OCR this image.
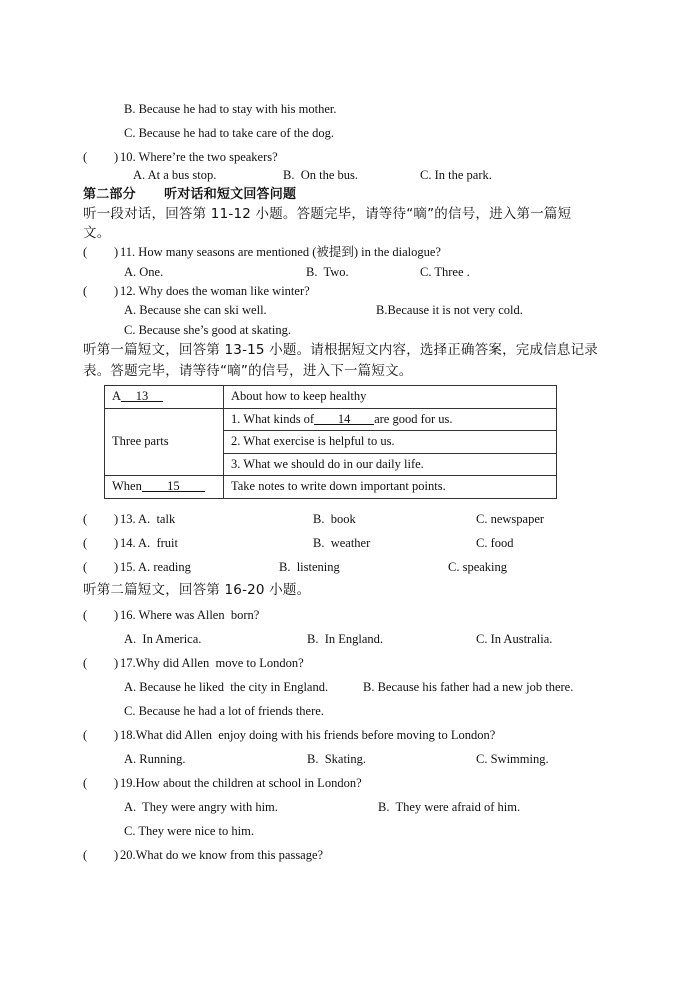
B. Because he had to stay with his mother.
C. Because he had to take care of the dog.
( ) 10. Where’re the two speakers?
A. At a bus stop.	B.  On the bus.	C. In the park.
第二部分      听对话和短文回答问题
听一段对话，回答第 11-12 小题。答题完毕，请等待“嘀”的信号，进入第一篇短
文。
( ) 11. How many seasons are mentioned (被提到) in the dialogue?
A. One.	B.  Two.	C. Three .
( ) 12. Why does the woman like winter?
A. Because she can ski well.	B.Because it is not very cold.
C. Because she’s good at skating.
听第一篇短文，回答第 13-15 小题。请根据短文内容，选择正确答案，完成信息记录
表。答题完毕，请等待“嘀”的信号，进入下一篇短文。
A 13	About how to keep healthy
Three parts	1. What kinds of 14 are good for us.
	2. What exercise is helpful to us.
	3. What we should do in our daily life.
When 15	Take notes to write down important points.
( ) 13. A.  talk	B.  book	C. newspaper
( ) 14. A.  fruit	B.  weather	C. food
( ) 15. A. reading	B.  listening	C. speaking
听第二篇短文，回答第 16-20 小题。
( ) 16. Where was Allen  born?
A.  In America.	B.  In England.	C. In Australia.
( ) 17.Why did Allen  move to London?
A. Because he liked  the city in England.	B. Because his father had a new job there.
C. Because he had a lot of friends there.
( ) 18.What did Allen  enjoy doing with his friends before moving to London?
A. Running.	B.  Skating.	C. Swimming.
( ) 19.How about the children at school in London?
A.  They were angry with him.	B.  They were afraid of him.
C. They were nice to him.
( ) 20.What do we know from this passage?
